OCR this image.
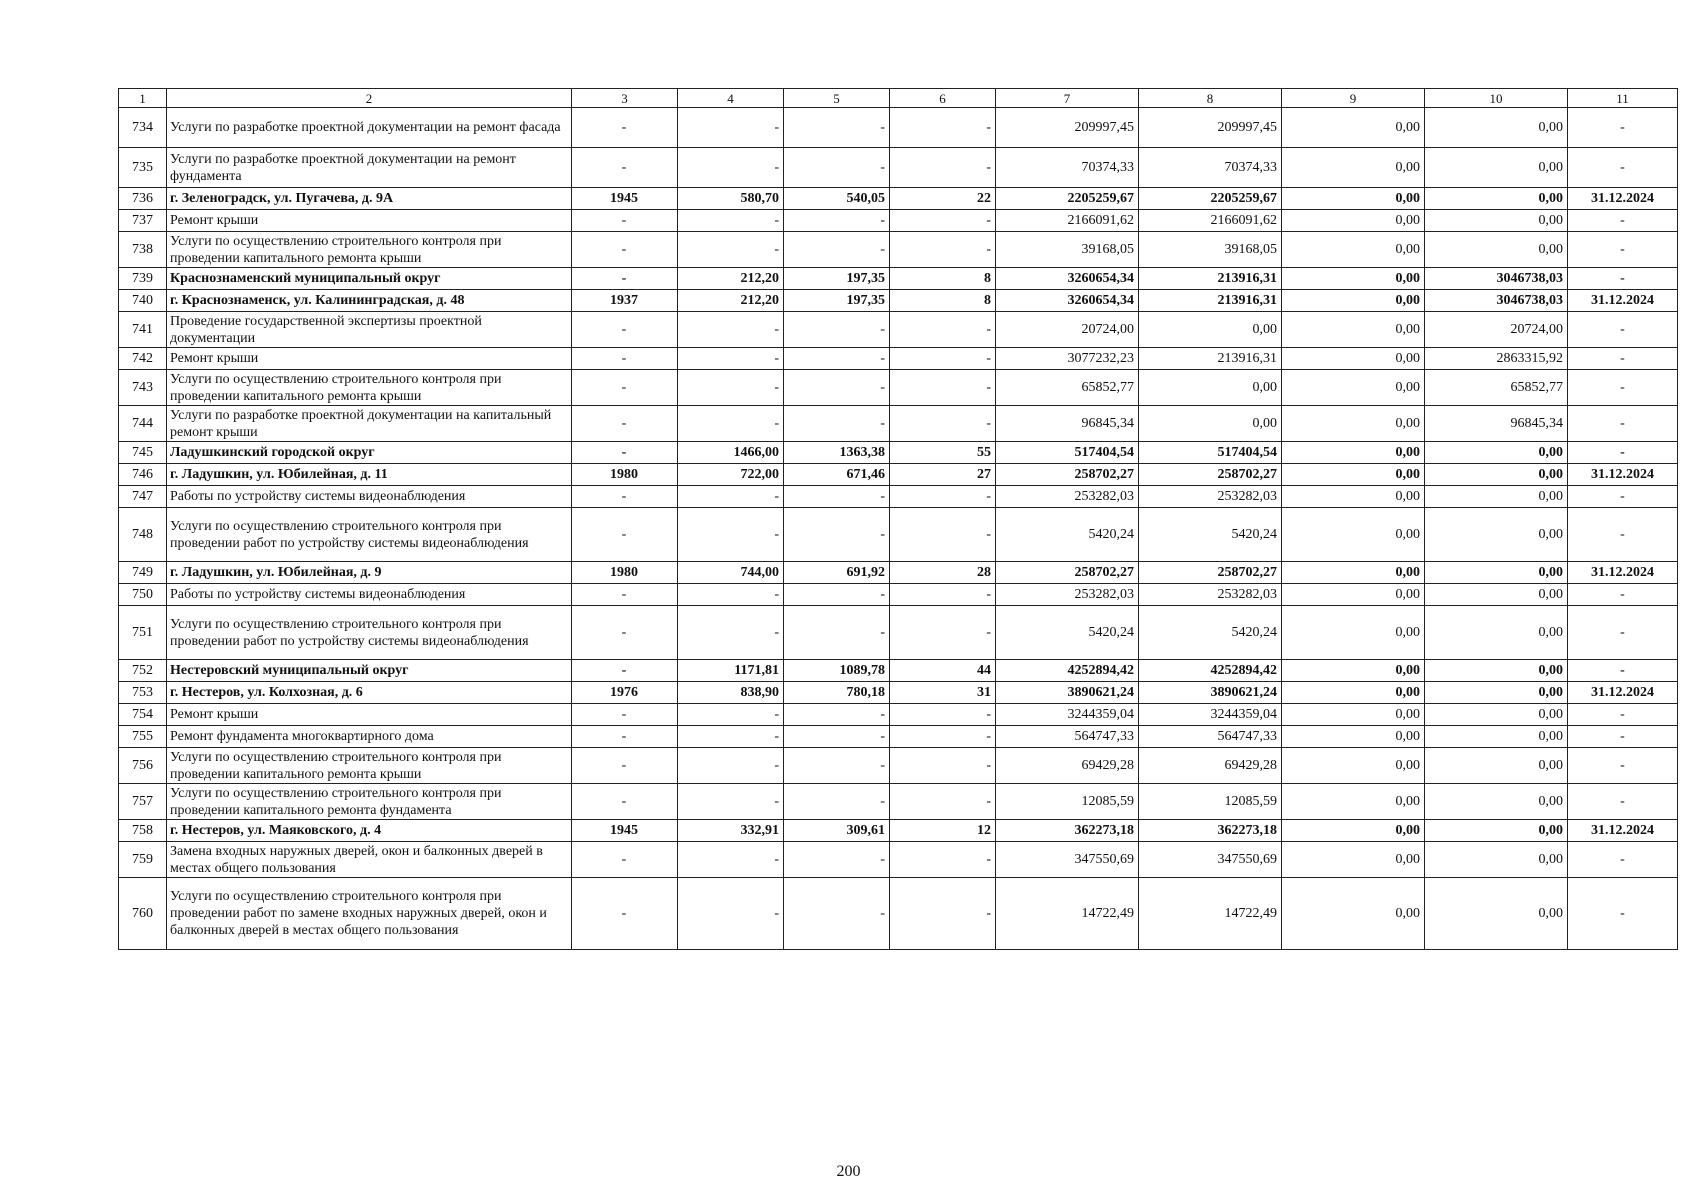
1	2	3	4	5	6	7	8	9	10	11
734	Услуги по разработке проектной документации на ремонт фасада	-	-	-	-	209997,45	209997,45	0,00	0,00	-
735	Услуги по разработке проектной документации на ремонт фундамента	-	-	-	-	70374,33	70374,33	0,00	0,00	-
736	г. Зеленоградск, ул. Пугачева, д. 9А	1945	580,70	540,05	22	2205259,67	2205259,67	0,00	0,00	31.12.2024
737	Ремонт крыши	-	-	-	-	2166091,62	2166091,62	0,00	0,00	-
738	Услуги по осуществлению строительного контроля при проведении капитального ремонта крыши	-	-	-	-	39168,05	39168,05	0,00	0,00	-
739	Краснознаменский муниципальный округ	-	212,20	197,35	8	3260654,34	213916,31	0,00	3046738,03	-
740	г. Краснознаменск, ул. Калининградская, д. 48	1937	212,20	197,35	8	3260654,34	213916,31	0,00	3046738,03	31.12.2024
741	Проведение государственной экспертизы проектной документации	-	-	-	-	20724,00	0,00	0,00	20724,00	-
742	Ремонт крыши	-	-	-	-	3077232,23	213916,31	0,00	2863315,92	-
743	Услуги по осуществлению строительного контроля при проведении капитального ремонта крыши	-	-	-	-	65852,77	0,00	0,00	65852,77	-
744	Услуги по разработке проектной документации на капитальный ремонт крыши	-	-	-	-	96845,34	0,00	0,00	96845,34	-
745	Ладушкинский городской округ	-	1466,00	1363,38	55	517404,54	517404,54	0,00	0,00	-
746	г. Ладушкин, ул. Юбилейная, д. 11	1980	722,00	671,46	27	258702,27	258702,27	0,00	0,00	31.12.2024
747	Работы по устройству системы видеонаблюдения	-	-	-	-	253282,03	253282,03	0,00	0,00	-
748	Услуги по осуществлению строительного контроля при проведении работ по устройству системы видеонаблюдения	-	-	-	-	5420,24	5420,24	0,00	0,00	-
749	г. Ладушкин, ул. Юбилейная, д. 9	1980	744,00	691,92	28	258702,27	258702,27	0,00	0,00	31.12.2024
750	Работы по устройству системы видеонаблюдения	-	-	-	-	253282,03	253282,03	0,00	0,00	-
751	Услуги по осуществлению строительного контроля при проведении работ по устройству системы видеонаблюдения	-	-	-	-	5420,24	5420,24	0,00	0,00	-
752	Нестеровский муниципальный округ	-	1171,81	1089,78	44	4252894,42	4252894,42	0,00	0,00	-
753	г. Нестеров, ул. Колхозная, д. 6	1976	838,90	780,18	31	3890621,24	3890621,24	0,00	0,00	31.12.2024
754	Ремонт крыши	-	-	-	-	3244359,04	3244359,04	0,00	0,00	-
755	Ремонт фундамента многоквартирного дома	-	-	-	-	564747,33	564747,33	0,00	0,00	-
756	Услуги по осуществлению строительного контроля при проведении капитального ремонта крыши	-	-	-	-	69429,28	69429,28	0,00	0,00	-
757	Услуги по осуществлению строительного контроля при проведении капитального ремонта фундамента	-	-	-	-	12085,59	12085,59	0,00	0,00	-
758	г. Нестеров, ул. Маяковского, д. 4	1945	332,91	309,61	12	362273,18	362273,18	0,00	0,00	31.12.2024
759	Замена входных наружных дверей, окон и балконных дверей в местах общего пользования	-	-	-	-	347550,69	347550,69	0,00	0,00	-
760	Услуги по осуществлению строительного контроля при проведении работ по замене входных наружных дверей, окон и балконных дверей в местах общего пользования	-	-	-	-	14722,49	14722,49	0,00	0,00	-
200
